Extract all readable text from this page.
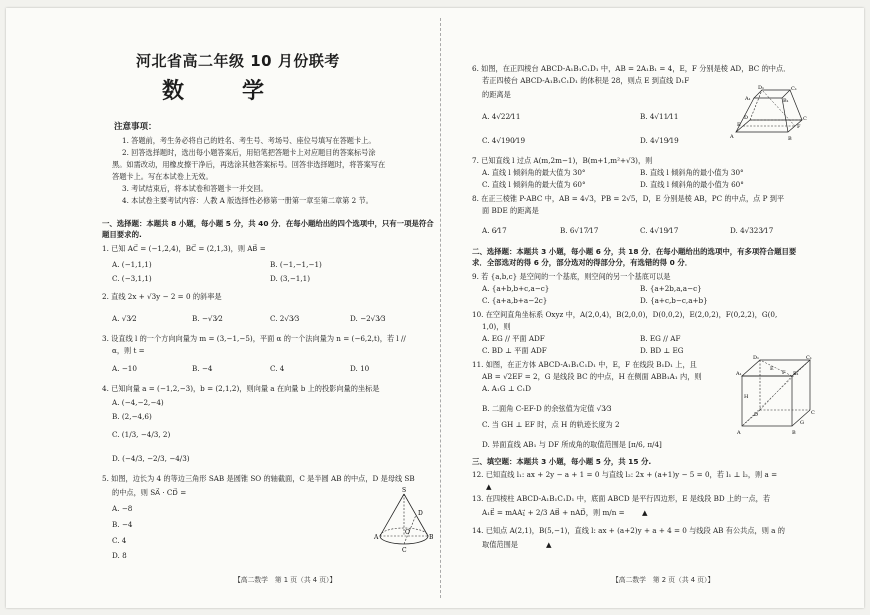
河北省高二年级 10 月份联考
数　学
注意事项：
1. 答题前，考生务必将自己的姓名、考生号、考场号、座位号填写在答题卡上。
2. 回答选择题时，选出每小题答案后，用铅笔把答题卡上对应题目的答案标号涂
黑。如需改动，用橡皮擦干净后，再选涂其他答案标号。回答非选择题时，将答案写在
答题卡上。写在本试卷上无效。
3. 考试结束后，将本试卷和答题卡一并交回。
4. 本试卷主要考试内容：人教 A 版选择性必修第一册第一章至第二章第 2 节。
一、选择题：本题共 8 小题，每小题 5 分，共 40 分．在每小题给出的四个选项中，只有一项是符合
题目要求的.
1. 已知 AC⃗ = (−1,2,4)，BC⃗ = (2,1,3)，则 AB⃗ =
A. (−1,1,1)	B. (−1,−1,−1)
C. (−3,1,1)	D. (3,−1,1)
2. 直线 2x + √3y − 2 = 0 的斜率是
A. √3⁄2	B. −√3⁄2	C. 2√3⁄3	D. −2√3⁄3
3. 设直线 l 的一个方向向量为 m = (3,−1,−5)，平面 α 的一个法向量为 n = (−6,2,t)，若 l //
α，则 t =
A. −10	B. −4	C. 4	D. 10
4. 已知向量 a = (−1,2,−3)，b = (2,1,2)，则向量 a 在向量 b 上的投影向量的坐标是
A. (−4,−2,−4)
B. (2,−4,6)
C. (1/3, −4/3, 2)
D. (−4/3, −2/3, −4/3)
5. 如图，边长为 4 的等边三角形 SAB 是圆锥 SO 的轴截面，C 是半圆 AB 的中点，D 是母线 SB
的中点，则 SA⃗ · CD⃗ =
A. −8
B. −4
C. 4
D. 8
S
A
O
D
B
C
【高二数学　第 1 页（共 4 页）】
6. 如图，在正四棱台 ABCD-A₁B₁C₁D₁ 中，AB = 2A₁B₁ = 4，E，F 分别是棱 AD，BC 的中点．
若正四棱台 ABCD-A₁B₁C₁D₁ 的体积是 28，则点 E 到直线 D₁F
的距离是
A. 4√22⁄11	B. 4√11⁄11
C. 4√190⁄19	D. 4√19⁄19
D₁	C₁
A₁	B₁
D	C
E	F
A	B
7. 已知直线 l 过点 A(m,2m−1)，B(m+1,m²+√3)，则
A. 直线 l 倾斜角的最大值为 30°	B. 直线 l 倾斜角的最小值为 30°
C. 直线 l 倾斜角的最大值为 60°	D. 直线 l 倾斜角的最小值为 60°
8. 在正三棱锥 P-ABC 中，AB = 4√3，PB = 2√5，D，E 分别是棱 AB，PC 的中点，点 P 到平
面 BDE 的距离是
A. 6⁄17	B. 6√17⁄17	C. 4√19⁄17	D. 4√323⁄17
二、选择题：本题共 3 小题，每小题 6 分，共 18 分．在每小题给出的选项中，有多项符合题目要
求．全部选对的得 6 分，部分选对的得部分分，有选错的得 0 分．
9. 若 {a,b,c} 是空间的一个基底，则空间的另一个基底可以是
A. {a+b,b+c,a−c}	B. {a+2b,a,a−c}
C. {a+a,b+a−2c}	D. {a+c,b−c,a+b}
10. 在空间直角坐标系 Oxyz 中，A(2,0,4)，B(2,0,0)，D(0,0,2)，E(2,0,2)，F(0,2,2)，G(0,
1,0)，则
A. EG // 平面 ADF	B. EG // AF
C. BD ⊥ 平面 ADF	D. BD ⊥ EG
11. 如图，在正方体 ABCD-A₁B₁C₁D₁ 中，E，F 在线段 B₁D₁ 上，且
AB = √2EF = 2，G 是线段 BC 的中点，H 在侧面 ABB₁A₁ 内，则
A. A₁G ⊥ C₁D
B. 二面角 C-EF-D 的余弦值为定值 √3⁄3
C. 当 GH ⊥ EF 时，点 H 的轨迹长度为 2
D. 异面直线 AB₁ 与 DF 所成角的取值范围是 [π/6, π/4]
D₁	C₁
A₁	B₁
E
F
H
D	C
G
A	B
三、填空题：本题共 3 小题，每小题 5 分，共 15 分.
12. 已知直线 l₁: ax + 2y − a + 1 = 0 与直线 l₂: 2x + (a+1)y − 5 = 0，若 l₁ ⊥ l₂，则 a =
▲
13. 在四棱柱 ABCD-A₁B₁C₁D₁ 中，底面 ABCD 是平行四边形，E 是线段 BD 上的一点，若
A₁E⃗ = mAA₁⃗ + 2/3 AB⃗ + nAD⃗，则 m/n = ▲
14. 已知点 A(2,1)，B(5,−1)，直线 l: ax + (a+2)y + a + 4 = 0 与线段 AB 有公共点，则 a 的
取值范围是	▲
【高二数学　第 2 页（共 4 页）】
